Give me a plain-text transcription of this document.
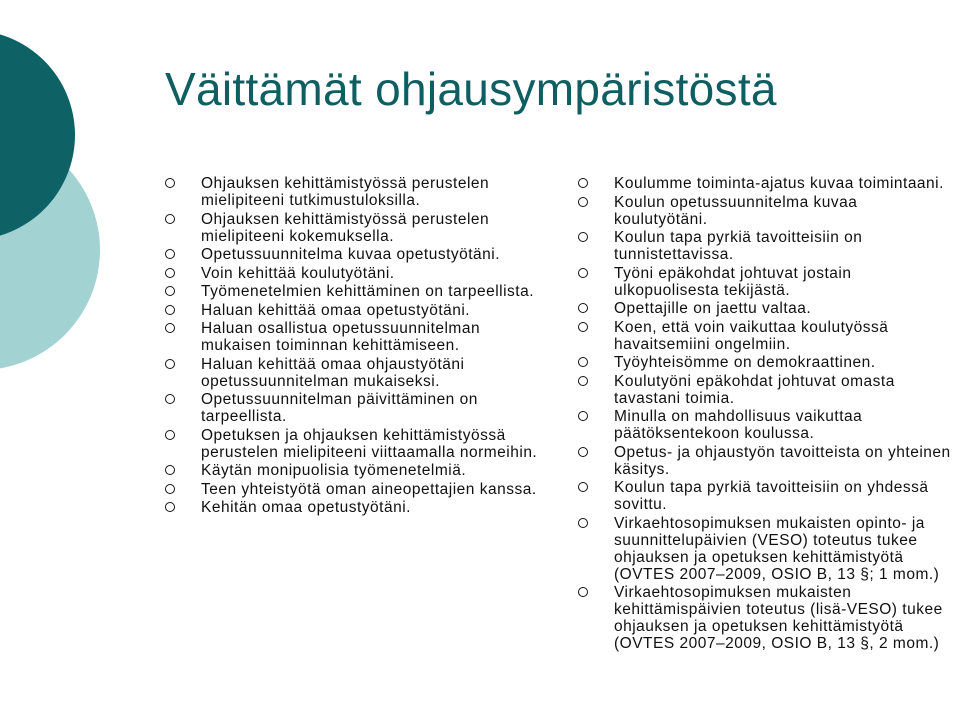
Väittämät ohjausympäristöstä
Ohjauksen kehittämistyössä perustelen mielipiteeni tutkimustuloksilla.
Ohjauksen kehittämistyössä perustelen mielipiteeni kokemuksella.
Opetussuunnitelma kuvaa opetustyötäni.
Voin kehittää koulutyötäni.
Työmenetelmien kehittäminen on tarpeellista.
Haluan kehittää omaa opetustyötäni.
Haluan osallistua opetussuunnitelman mukaisen toiminnan kehittämiseen.
Haluan kehittää omaa ohjaustyötäni opetussuunnitelman mukaiseksi.
Opetussuunnitelman päivittäminen on tarpeellista.
Opetuksen ja ohjauksen kehittämistyössä perustelen mielipiteeni viittaamalla normeihin.
Käytän monipuolisia työmenetelmiä.
Teen yhteistyötä oman aineopettajien kanssa.
Kehitän omaa opetustyötäni.
Koulumme toiminta-ajatus kuvaa toimintaani.
Koulun opetussuunnitelma kuvaa koulutyötäni.
Koulun tapa pyrkiä tavoitteisiin on tunnistettavissa.
Työni epäkohdat johtuvat jostain ulkopuolisesta tekijästä.
Opettajille on jaettu valtaa.
Koen, että voin vaikuttaa koulutyössä havaitsemiini ongelmiin.
Työyhteisömme on demokraattinen.
Koulutyöni epäkohdat johtuvat omasta tavastani toimia.
Minulla on mahdollisuus vaikuttaa päätöksentekoon koulussa.
Opetus- ja ohjaustyön tavoitteista on yhteinen käsitys.
Koulun tapa pyrkiä tavoitteisiin on yhdessä sovittu.
Virkaehtosopimuksen mukaisten opinto- ja suunnittelupäivien (VESO) toteutus tukee ohjauksen ja opetuksen kehittämistyötä (OVTES 2007–2009, OSIO B, 13 §; 1 mom.)
Virkaehtosopimuksen mukaisten kehittämispäivien toteutus (lisä-VESO) tukee ohjauksen ja opetuksen kehittämistyötä (OVTES 2007–2009, OSIO B, 13 §, 2 mom.)
